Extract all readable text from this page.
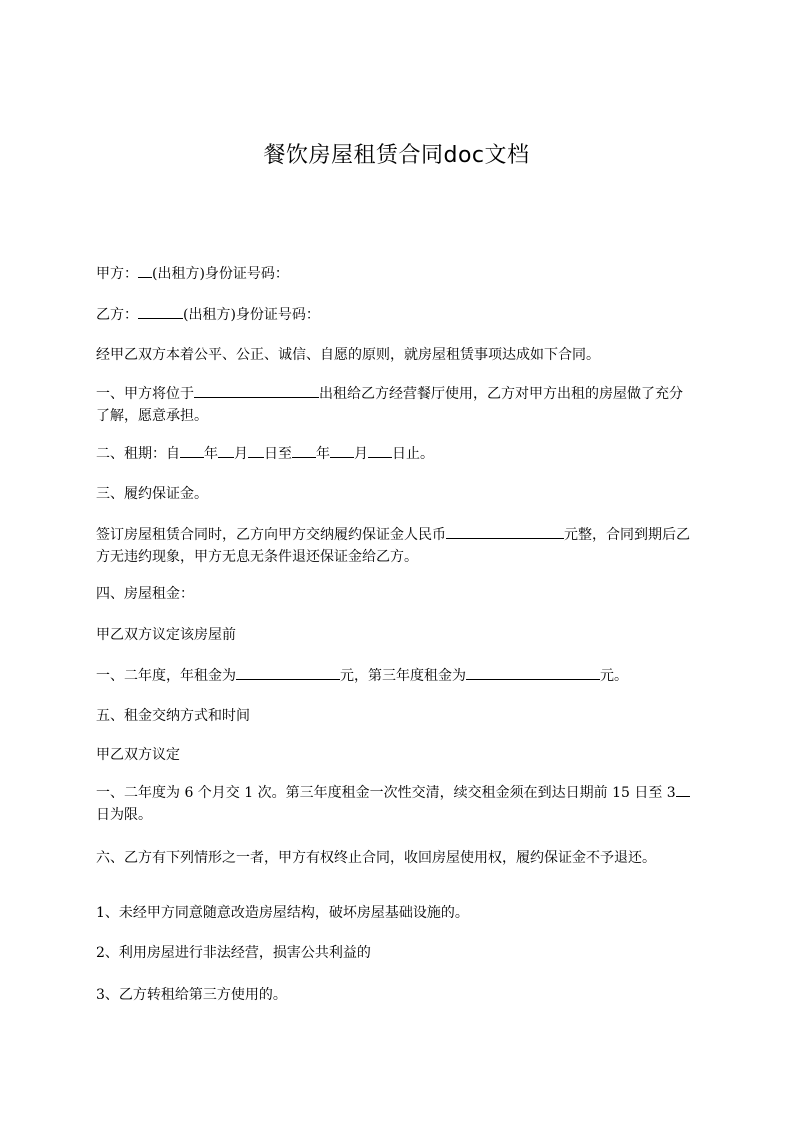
餐饮房屋租赁合同doc文档

甲方： (出租方)身份证号码：

乙方：	(出租方)身份证号码：

经甲乙双方本着公平、公正、诚信、自愿的原则，就房屋租赁事项达成如下合同。

一、甲方将位于	出租给乙方经营餐厅使用，乙方对甲方出租的房屋做了充分了解，愿意承担。

二、租期：自 年 月 日至 年 月 日止。

三、履约保证金。

签订房屋租赁合同时，乙方向甲方交纳履约保证金人民币	元整，合同到期后乙方无违约现象，甲方无息无条件退还保证金给乙方。

四、房屋租金：

甲乙双方议定该房屋前

一、二年度，年租金为	元，第三年度租金为	元。

五、租金交纳方式和时间

甲乙双方议定

一、二年度为 6 个月交 1 次。第三年度租金一次性交清，续交租金须在到达日期前 15 日至 3日为限。

六、乙方有下列情形之一者，甲方有权终止合同，收回房屋使用权，履约保证金不予退还。

1、未经甲方同意随意改造房屋结构，破坏房屋基础设施的。

2、利用房屋进行非法经营，损害公共利益的

3、乙方转租给第三方使用的。
